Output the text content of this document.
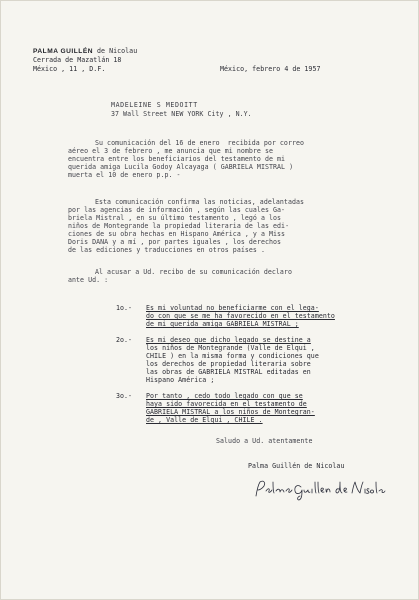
PALMA GUILLÉN de Nicolau

Cerrada de Mazatlán 18

México , 11 , D.F.	México, febrero 4 de 1957

MADELEINE S MEDOITT

37 Wall Street NEW YORK City , N.Y.

Su comunicación del 16 de enero  recibida por correo

aéreo el 3 de febrero , me anuncia que mi nombre se

encuentra entre los beneficiarios del testamento de mi

querida amiga Lucila Godoy Alcayaga ( GABRIELA MISTRAL )

muerta el 10 de enero p.p. -

Esta comunicación confirma las noticias, adelantadas

por las agencias de información , según las cuales Ga-

briela Mistral , en su último testamento , legó a los

niños de Montegrande la propiedad literaria de las edi-

ciones de su obra hechas en Hispano América , y a Miss

Doris DANA y a mí , por partes iguales , los derechos

de las ediciones y traducciones en otros países .

Al acusar a Ud. recibo de su comunicación declaro

ante Ud. :

1o.- Es mi voluntad no beneficiarme con el lega-

do con que se me ha favorecido en el testamento

de mi querida amiga GABRIELA MISTRAL ;

2o.- Es mi deseo que dicho legado se destine a

los niños de Montegrande (Valle de Elqui ,

CHILE ) en la misma forma y condiciones que

los derechos de propiedad literaria sobre

las obras de GABRIELA MISTRAL editadas en

Hispano América ;

3o.- Por tanto , cedo todo legado con que se

haya sido favorecida en el testamento de

GABRIELA MISTRAL a los niños de Montegran-

de , Valle de Elqui , CHILE .

Saludo a Ud. atentamente

Palma Guillén de Nicolau
